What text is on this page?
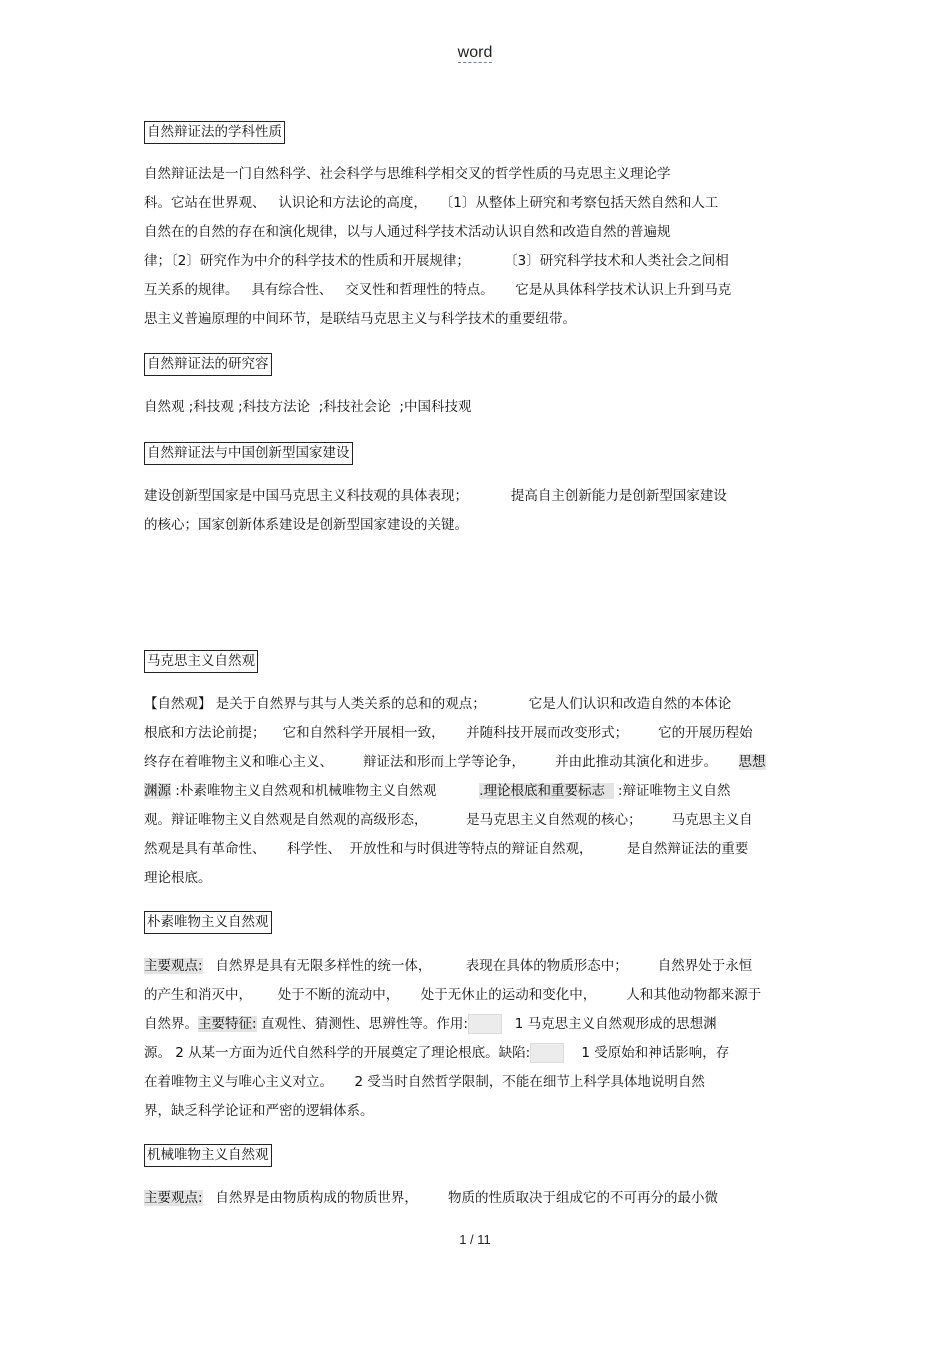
word
自然辩证法的学科性质
自然辩证法是一门自然科学、社会科学与思维科学相交叉的哲学性质的马克思主义理论学
科。它站在世界观、   认识论和方法论的高度，   〔1〕从整体上研究和考察包括天然自然和人工
自然在的自然的存在和演化规律，以与人通过科学技术活动认识自然和改造自然的普遍规
律；〔2〕研究作为中介的科学技术的性质和开展规律；        〔3〕研究科学技术和人类社会之间相
互关系的规律。   具有综合性、   交叉性和哲理性的特点。     它是从具体科学技术认识上升到马克
思主义普遍原理的中间环节，是联结马克思主义与科学技术的重要纽带。
自然辩证法的研究容
自然观 ;科技观 ;科技方法论  ;科技社会论  ;中国科技观
自然辩证法与中国创新型国家建设
建设创新型国家是中国马克思主义科技观的具体表现；          提高自主创新能力是创新型国家建设
的核心；国家创新体系建设是创新型国家建设的关键。
马克思主义自然观
【自然观】 是关于自然界与其与人类关系的总和的观点；          它是人们认识和改造自然的本体论
根底和方法论前提；    它和自然科学开展相一致，     并随科技开展而改变形式；       它的开展历程始
终存在着唯物主义和唯心主义、       辩证法和形而上学等论争，       并由此推动其演化和进步。     思想
渊源 :朴素唯物主义自然观和机械唯物主义自然观          .理论根底和重要标志   :辩证唯物主义自然
观。辩证唯物主义自然观是自然观的高级形态，         是马克思主义自然观的核心；       马克思主义自
然观是具有革命性、     科学性、  开放性和与时俱进等特点的辩证自然观，        是自然辩证法的重要
理论根底。
朴素唯物主义自然观
主要观点:   自然界是具有无限多样性的统一体，        表现在具体的物质形态中；       自然界处于永恒
的产生和消灭中，      处于不断的流动中，     处于无休止的运动和变化中，       人和其他动物都来源于
自然界。主要特征: 直观性、猜测性、思辨性等。作用:	1 马克思主义自然观形成的思想渊
源。 2 从某一方面为近代自然科学的开展奠定了理论根底。缺陷:	1 受原始和神话影响，存
在着唯物主义与唯心主义对立。     2 受当时自然哲学限制，不能在细节上科学具体地说明自然
界，缺乏科学论证和严密的逻辑体系。
机械唯物主义自然观
主要观点:   自然界是由物质构成的物质世界，       物质的性质取决于组成它的不可再分的最小微
1 / 11
